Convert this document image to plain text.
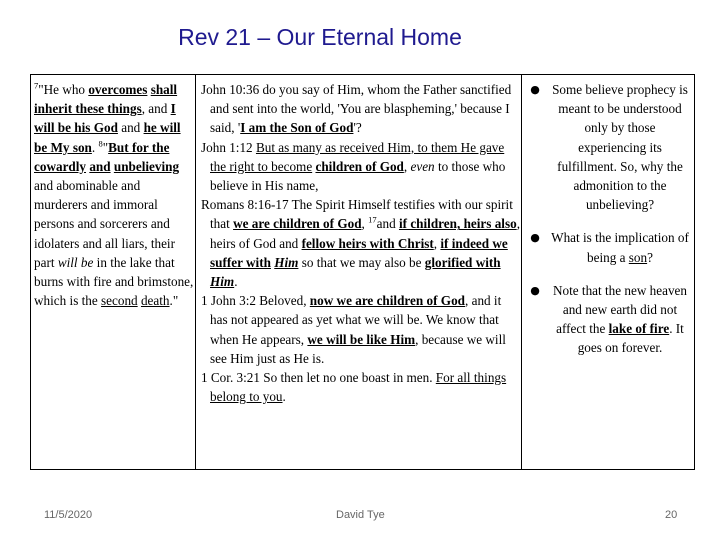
Rev 21 – Our Eternal Home
$^7$"He who overcomes shall inherit these things, and I will be his God and he will be My son. $^8$"But for the cowardly and unbelieving and abominable and murderers and immoral persons and sorcerers and idolaters and all liars, their part will be in the lake that burns with fire and brimstone, which is the second death."

John 10:36 do you say of Him, whom the Father sanctified and sent into the world, 'You are blaspheming,' because I said, 'I am the Son of God'?

John 1:12 But as many as received Him, to them He gave the right to become children of God, even to those who believe in His name,

Romans 8:16-17 The Spirit Himself testifies with our spirit that we are children of God, $^{17}$and if children, heirs also, heirs of God and fellow heirs with Christ, if indeed we suffer with Him so that we may also be glorified with Him.

1 John 3:2 Beloved, now we are children of God, and it has not appeared as yet what we will be. We know that when He appears, we will be like Him, because we will see Him just as He is.

1 Cor. 3:21 So then let no one boast in men. For all things belong to you.

● Some believe prophecy is meant to be understood only by those experiencing its fulfillment. So, why the admonition to the unbelieving?
● What is the implication of being a son?
● Note that the new heaven and new earth did not affect the lake of fire. It goes on forever.
11/5/2020	David Tye	20
